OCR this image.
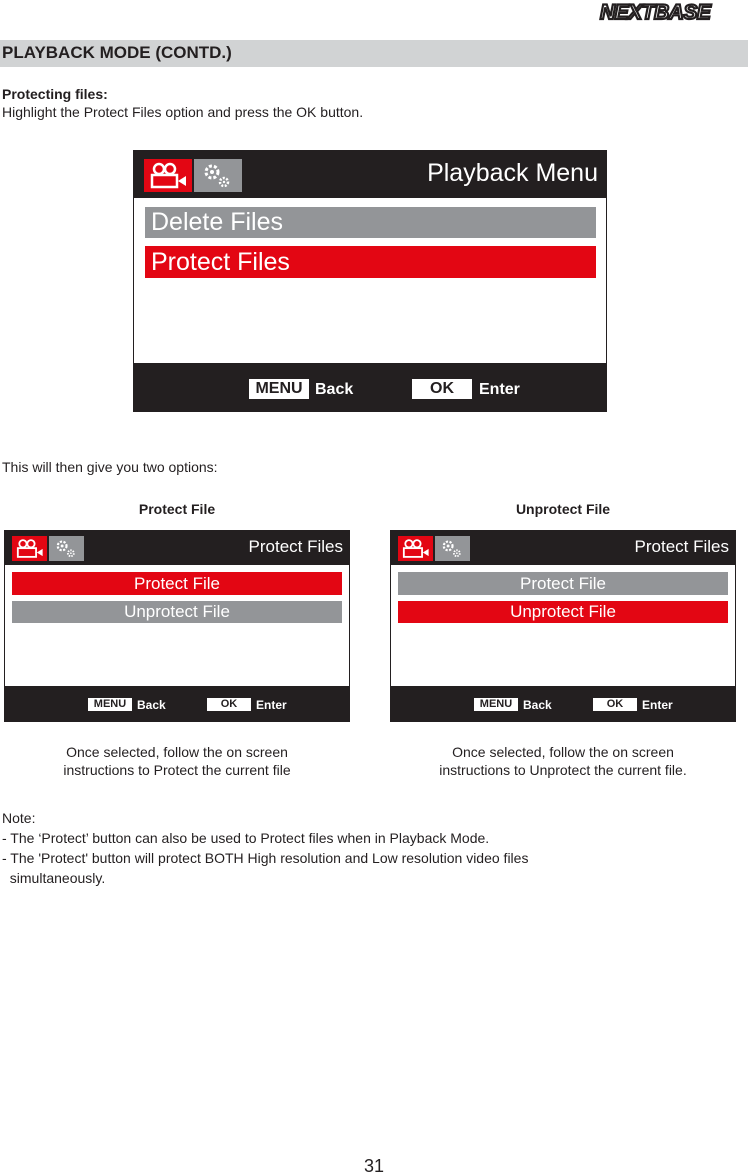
NEXTBASE
PLAYBACK MODE (CONTD.)
Protecting files:
Highlight the Protect Files option and press the OK button.
Playback Menu
Delete Files
Protect Files
MENU Back	OK	Enter
This will then give you two options:
Protect File
Protect Files
Protect File
Unprotect File
MENU Back	OK	Enter
Once selected, follow the on screen
instructions to Protect the current file
Unprotect File
Protect Files
Protect File
Unprotect File
MENU Back	OK	Enter
Once selected, follow the on screen
instructions to Unprotect the current file.
Note:
- The ‘Protect’ button can also be used to Protect files when in Playback Mode.
- The 'Protect' button will protect BOTH High resolution and Low resolution video files
simultaneously.
31
